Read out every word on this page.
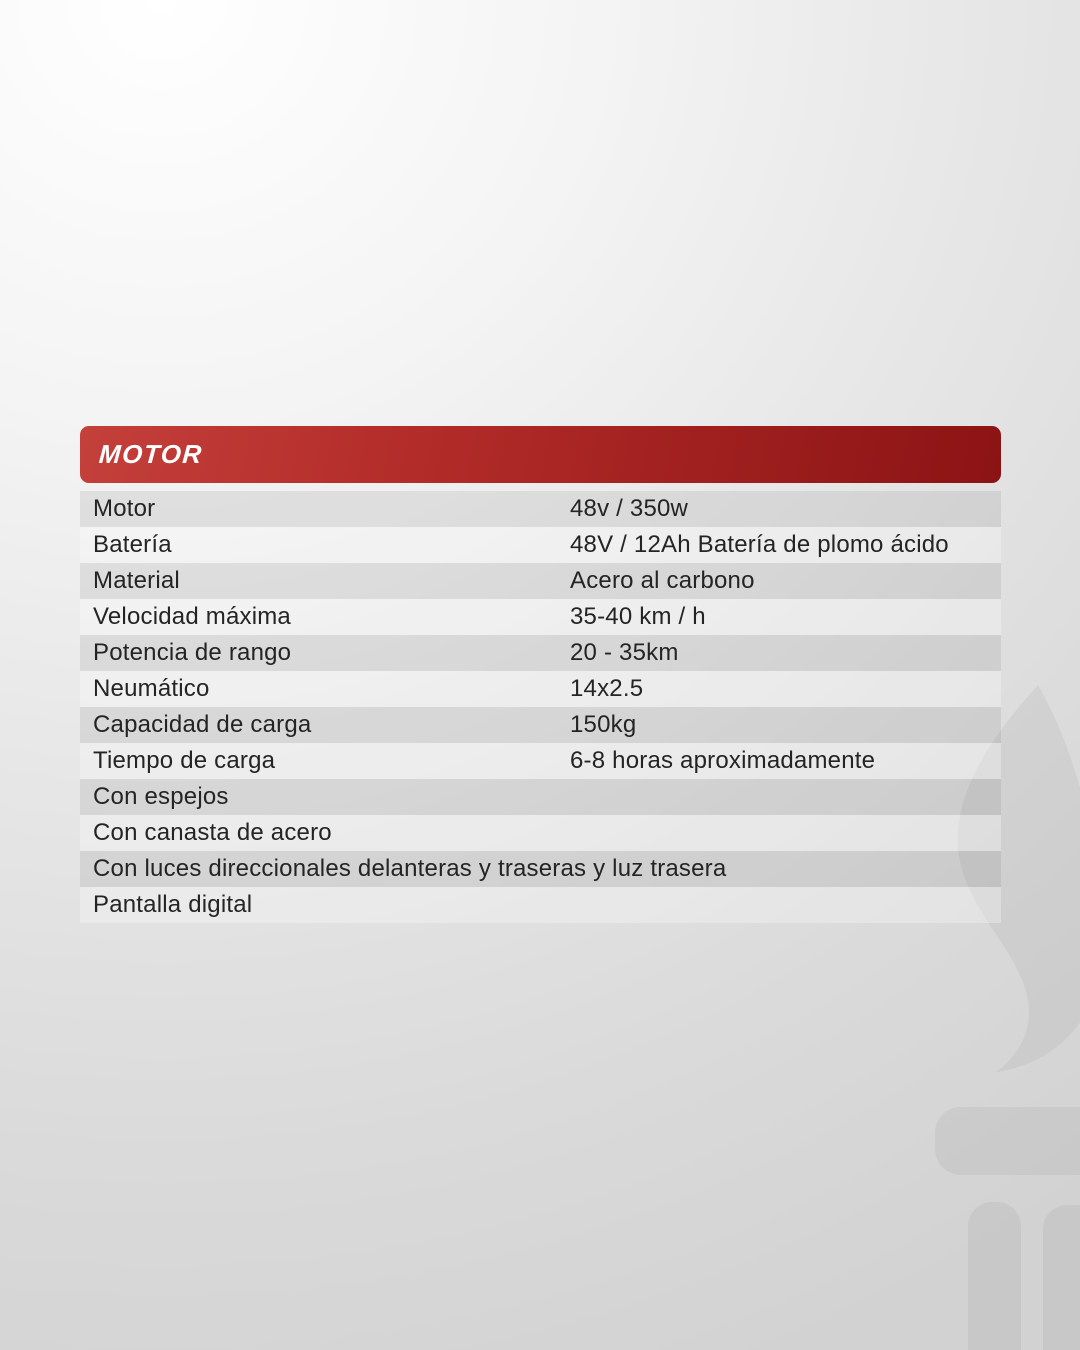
MOTOR
Motor	48v / 350w
Batería	48V / 12Ah Batería de plomo ácido
Material	Acero al carbono
Velocidad máxima	35-40 km / h
Potencia de rango	20 - 35km
Neumático	14x2.5
Capacidad de carga	150kg
Tiempo de carga	6-8 horas aproximadamente
Con espejos
Con canasta de acero
Con luces direccionales delanteras y traseras y luz trasera
Pantalla digital
